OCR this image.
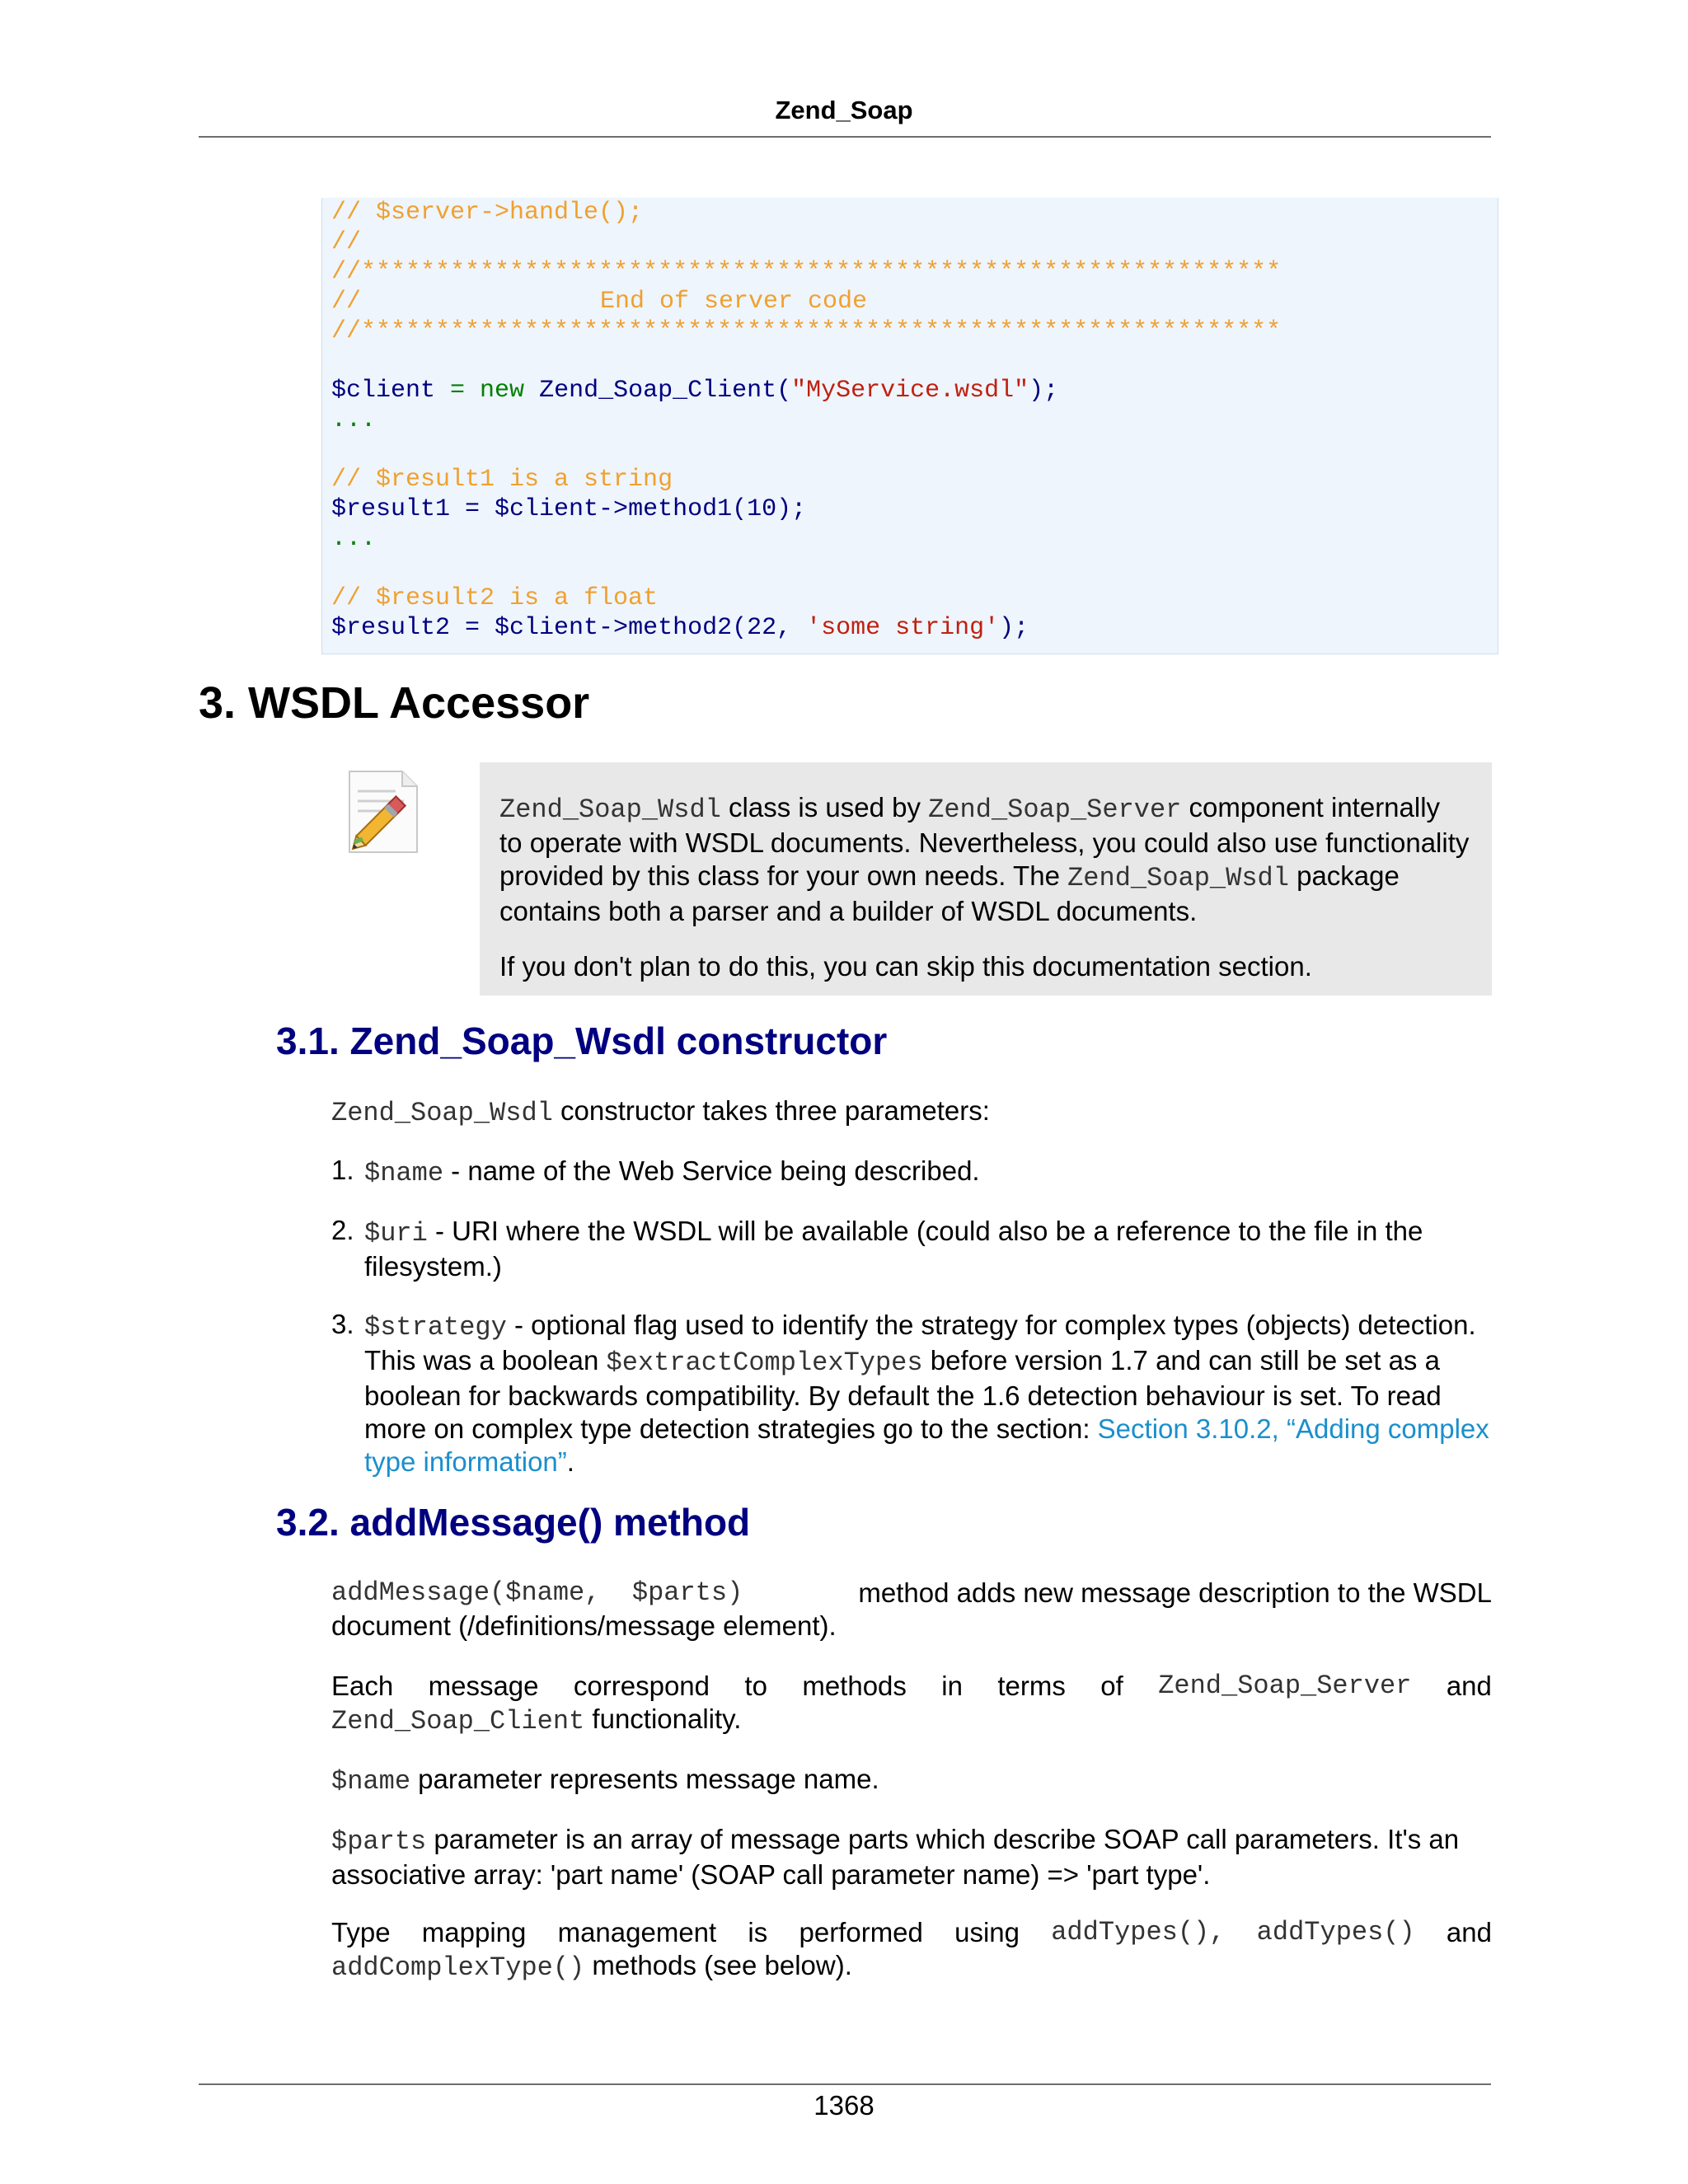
Zend_Soap
// $server->handle();
//
//**************************************************************
//	End of server code
//**************************************************************
$client = new Zend_Soap_Client("MyService.wsdl");
...
// $result1 is a string
$result1 = $client->method1(10);
...
// $result2 is a float
$result2 = $client->method2(22, 'some string');
3. WSDL Accessor
Zend_Soap_Wsdl class is used by Zend_Soap_Server component internally
to operate with WSDL documents. Nevertheless, you could also use functionality
provided by this class for your own needs. The Zend_Soap_Wsdl package
contains both a parser and a builder of WSDL documents.
If you don't plan to do this, you can skip this documentation section.
3.1. Zend_Soap_Wsdl constructor
Zend_Soap_Wsdl constructor takes three parameters:
1. $name - name of the Web Service being described.
2. $uri - URI where the WSDL will be available (could also be a reference to the file in the
filesystem.)
3. $strategy - optional flag used to identify the strategy for complex types (objects) detection.
This was a boolean $extractComplexTypes before version 1.7 and can still be set as a
boolean for backwards compatibility. By default the 1.6 detection behaviour is set. To read
more on complex type detection strategies go to the section: Section 3.10.2, “Adding complex
type information”.
3.2. addMessage() method
addMessage($name,  $parts)	method adds new message description to the WSDL
document (/definitions/message element).
Each message correspond to methods in terms of Zend_Soap_Server and
Zend_Soap_Client functionality.
$name parameter represents message name.
$parts parameter is an array of message parts which describe SOAP call parameters. It's an
associative array: 'part name' (SOAP call parameter name) => 'part type'.
Type mapping management is performed using addTypes(), addTypes() and
addComplexType() methods (see below).
1368
